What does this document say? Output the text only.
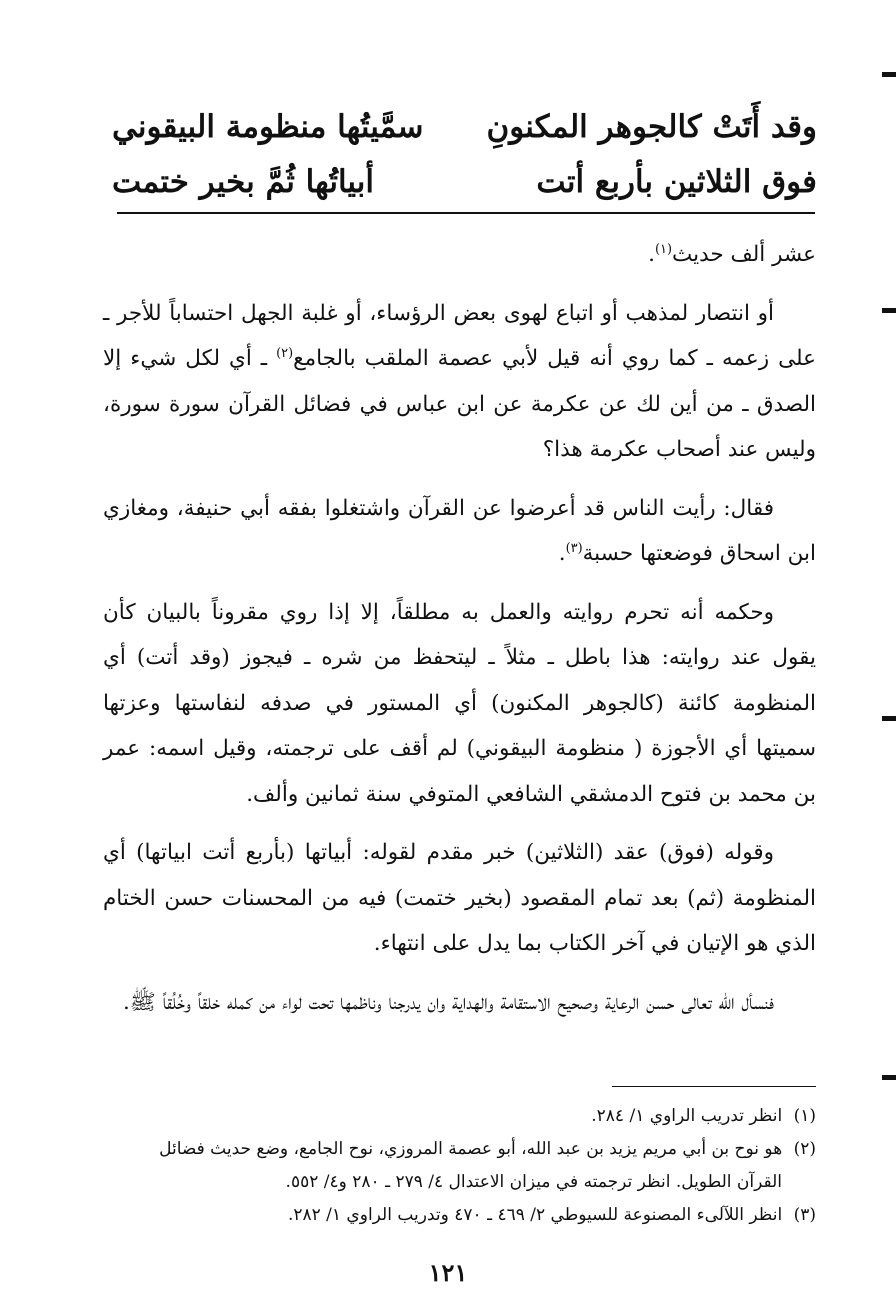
وقد أَتَتْ كالجوهر المكنونِ
سمَّيتُها منظومة البيقوني
فوق الثلاثين بأربع أتت
أبياتُها ثُمَّ بخير ختمت

عشر ألف حديث$^{(١)}$.

أو انتصار لمذهب أو اتباع لهوى بعض الرؤساء، أو غلبة الجهل احتساباً للأجر ـ على زعمه ـ كما روي أنه قيل لأبي عصمة الملقب بالجامع$^{(٢)}$ ـ أي لكل شيء إلا الصدق ـ من أين لك عن عكرمة عن ابن عباس في فضائل القرآن سورة سورة، وليس عند أصحاب عكرمة هذا؟

فقال: رأيت الناس قد أعرضوا عن القرآن واشتغلوا بفقه أبي حنيفة، ومغازي ابن اسحاق فوضعتها حسبة$^{(٣)}$.

وحكمه أنه تحرم روايته والعمل به مطلقاً، إلا إذا روي مقروناً بالبيان كأن يقول عند روايته: هذا باطل ـ مثلاً ـ ليتحفظ من شره ـ فيجوز (وقد أتت) أي المنظومة كائنة (كالجوهر المكنون) أي المستور في صدفه لنفاستها وعزتها سميتها أي الأجوزة ( منظومة البيقوني) لم أقف على ترجمته، وقيل اسمه: عمر بن محمد بن فتوح الدمشقي الشافعي المتوفي سنة ثمانين وألف.

وقوله (فوق) عقد (الثلاثين) خبر مقدم لقوله: أبياتها (بأربع أتت ابياتها) أي المنظومة (ثم) بعد تمام المقصود (بخير ختمت) فيه من المحسنات حسن الختام الذي هو الإتيان في آخر الكتاب بما يدل على انتهاء.

فنسأل الله تعالى حسن الرعاية وصحيح الاستقامة والهداية وان يدرجنا وناظمها تحت لواء من كمله خلقاً وخُلُقاً ﷺ.

(١) انظر تدريب الراوي ١/ ٢٨٤.

(٢) هو نوح بن أبي مريم يزيد بن عبد الله، أبو عصمة المروزي، نوح الجامع، وضع حديث فضائل
القرآن الطويل. انظر ترجمته في ميزان الاعتدال ٤/ ٢٧٩ ـ ٢٨٠ و٤/ ٥٥٢.

(٣) انظر اللآلىء المصنوعة للسيوطي ٢/ ٤٦٩ ـ ٤٧٠ وتدريب الراوي ١/ ٢٨٢.

١٢١
